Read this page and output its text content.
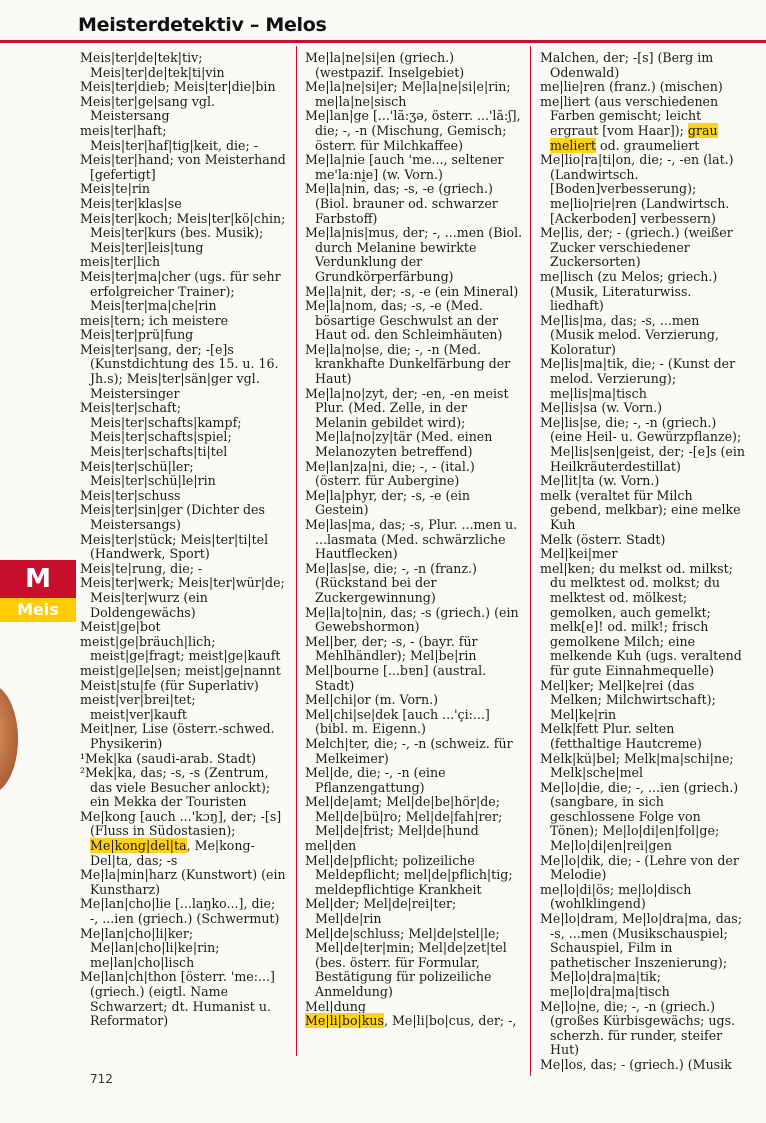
Meisterdetektiv – Melos

Meis|ter|de|tek|tiv; Meis|ter|de|tek|ti|vin

Meis|ter|dieb; Meis|ter|die|bin

Meis|ter|ge|sang vgl. Meistersang

meis|ter|haft; Meis|ter|haf|tig|keit, die; -

Meis|ter|hand; von Meisterhand [gefertigt]

Meis|te|rin

Meis|ter|klas|se

Meis|ter|koch; Meis|ter|kö|chin; Meis|ter|kurs (bes. Musik); Meis|ter|leis|tung

meis|ter|lich

Meis|ter|ma|cher (ugs. für sehr erfolgreicher Trainer); Meis|ter|ma|che|rin

meis|tern; ich meistere

Meis|ter|prü|fung

Meis|ter|sang, der; -[e]s (Kunstdichtung des 15. u. 16. Jh.s); Meis|ter|sän|ger vgl. Meistersinger

Meis|ter|schaft; Meis|ter|schafts|kampf; Meis|ter|schafts|spiel; Meis|ter|schafts|ti|tel

Meis|ter|schü|ler; Meis|ter|schü|le|rin

Meis|ter|schuss

Meis|ter|sin|ger (Dichter des Meistersangs)

Meis|ter|stück; Meis|ter|ti|tel (Handwerk, Sport)

Meis|te|rung, die; -

Meis|ter|werk; Meis|ter|wür|de; Meis|ter|wurz (ein Doldengewächs)

Meist|ge|bot

meist|ge|bräuch|lich; meist|ge|fragt; meist|ge|kauft

meist|ge|le|sen; meist|ge|nannt

Meist|stu|fe (für Superlativ)

meist|ver|brei|tet; meist|ver|kauft

Meit|ner, Lise (österr.-schwed. Physikerin)

¹Mek|ka (saudi-arab. Stadt)

²Mek|ka, das; -s, -s (Zentrum, das viele Besucher anlockt); ein Mekka der Touristen

Me|kong [auch ...'kɔŋ], der; -[s] (Fluss in Südostasien); Me|kong|del|ta, Me|kong-Del|ta, das; -s

Me|la|min|harz (Kunstwort) (ein Kunstharz)

Me|lan|cho|lie [...laŋko...], die; -, ...ien (griech.) (Schwermut)

Me|lan|cho|li|ker; Me|lan|cho|li|ke|rin; me|lan|cho|lisch

Me|lan|ch|thon [österr. 'me:...] (griech.) (eigtl. Name Schwarzert; dt. Humanist u. Reformator)

Me|la|ne|si|en (griech.) (westpazif. Inselgebiet)

Me|la|ne|si|er; Me|la|ne|si|e|rin; me|la|ne|sisch

Me|lan|ge [...'lã:ʒə, österr. ...'lã:ʃ], die; -, -n (Mischung, Gemisch; österr. für Milchkaffee)

Me|la|nie [auch 'me..., seltener me'la:ni̯e] (w. Vorn.)

Me|la|nin, das; -s, -e (griech.) (Biol. brauner od. schwarzer Farbstoff)

Me|la|nis|mus, der; -, ...men (Biol. durch Melanine bewirkte Verdunklung der Grundkörperfärbung)

Me|la|nit, der; -s, -e (ein Mineral)

Me|la|nom, das; -s, -e (Med. bösartige Geschwulst an der Haut od. den Schleimhäuten)

Me|la|no|se, die; -, -n (Med. krankhafte Dunkelfärbung der Haut)

Me|la|no|zyt, der; -en, -en meist Plur. (Med. Zelle, in der Melanin gebildet wird); Me|la|no|zy|tär (Med. einen Melanozyten betreffend)

Me|lan|za|ni, die; -, - (ital.) (österr. für Aubergine)

Me|la|phyr, der; -s, -e (ein Gestein)

Me|las|ma, das; -s, Plur. ...men u. ...lasmata (Med. schwärzliche Hautflecken)

Me|las|se, die; -, -n (franz.) (Rückstand bei der Zuckergewinnung)

Me|la|to|nin, das; -s (griech.) (ein Gewebshormon)

Mel|ber, der; -s, - (bayr. für Mehlhändler); Mel|be|rin

Mel|bourne [...bɐn] (austral. Stadt)

Mel|chi|or (m. Vorn.)

Mel|chi|se|dek [auch ...'çi:...] (bibl. m. Eigenn.)

Melch|ter, die; -, -n (schweiz. für Melkeimer)

Mel|de, die; -, -n (eine Pflanzengattung)

Mel|de|amt; Mel|de|be|hör|de; Mel|de|bü|ro; Mel|de|fah|rer; Mel|de|frist; Mel|de|hund

mel|den

Mel|de|pflicht; polizeiliche Meldepflicht; mel|de|pflich|tig; meldepflichtige Krankheit

Mel|der; Mel|de|rei|ter; Mel|de|rin

Mel|de|schluss; Mel|de|stel|le; Mel|de|ter|min; Mel|de|zet|tel (bes. österr. für Formular, Bestätigung für polizeiliche Anmeldung)

Mel|dung

Me|li|bo|kus, Me|li|bo|cus, der; -,

Malchen, der; -[s] (Berg im Odenwald)

me|lie|ren (franz.) (mischen)

me|liert (aus verschiedenen Farben gemischt; leicht ergraut [vom Haar]); grau meliert od. graumeliert

Me|lio|ra|ti|on, die; -, -en (lat.) (Landwirtsch. [Boden]verbesserung); me|lio|rie|ren (Landwirtsch. [Ackerboden] verbessern)

Me|lis, der; - (griech.) (weißer Zucker verschiedener Zuckersorten)

me|lisch (zu Melos; griech.) (Musik, Literaturwiss. liedhaft)

Me|lis|ma, das; -s, ...men (Musik melod. Verzierung, Koloratur)

Me|lis|ma|tik, die; - (Kunst der melod. Verzierung); me|lis|ma|tisch

Me|lis|sa (w. Vorn.)

Me|lis|se, die; -, -n (griech.) (eine Heil- u. Gewürzpflanze); Me|lis|sen|geist, der; -[e]s (ein Heilkräuterdestillat)

Me|lit|ta (w. Vorn.)

melk (veraltet für Milch gebend, melkbar); eine melke Kuh

Melk (österr. Stadt)

Mel|kei|mer

mel|ken; du melkst od. milkst; du melktest od. molkst; du melktest od. mölkest; gemolken, auch gemelkt; melk[e]! od. milk!; frisch gemolkene Milch; eine melkende Kuh (ugs. veraltend für gute Einnahmequelle)

Mel|ker; Mel|ke|rei (das Melken; Milchwirtschaft); Mel|ke|rin

Melk|fett Plur. selten (fetthaltige Hautcreme)

Melk|kü|bel; Melk|ma|schi|ne; Melk|sche|mel

Me|lo|die, die; -, ...ien (griech.) (sangbare, in sich geschlossene Folge von Tönen); Me|lo|di|en|fol|ge; Me|lo|di|en|rei|gen

Me|lo|dik, die; - (Lehre von der Melodie)

me|lo|di|ös; me|lo|disch (wohlklingend)

Me|lo|dram, Me|lo|dra|ma, das; -s, ...men (Musikschauspiel; Schauspiel, Film in pathetischer Inszenierung); Me|lo|dra|ma|tik; me|lo|dra|ma|tisch

Me|lo|ne, die; -, -n (griech.) (großes Kürbisgewächs; ugs. scherzh. für runder, steifer Hut)

Me|los, das; - (griech.) (Musik

M
Meis
712
